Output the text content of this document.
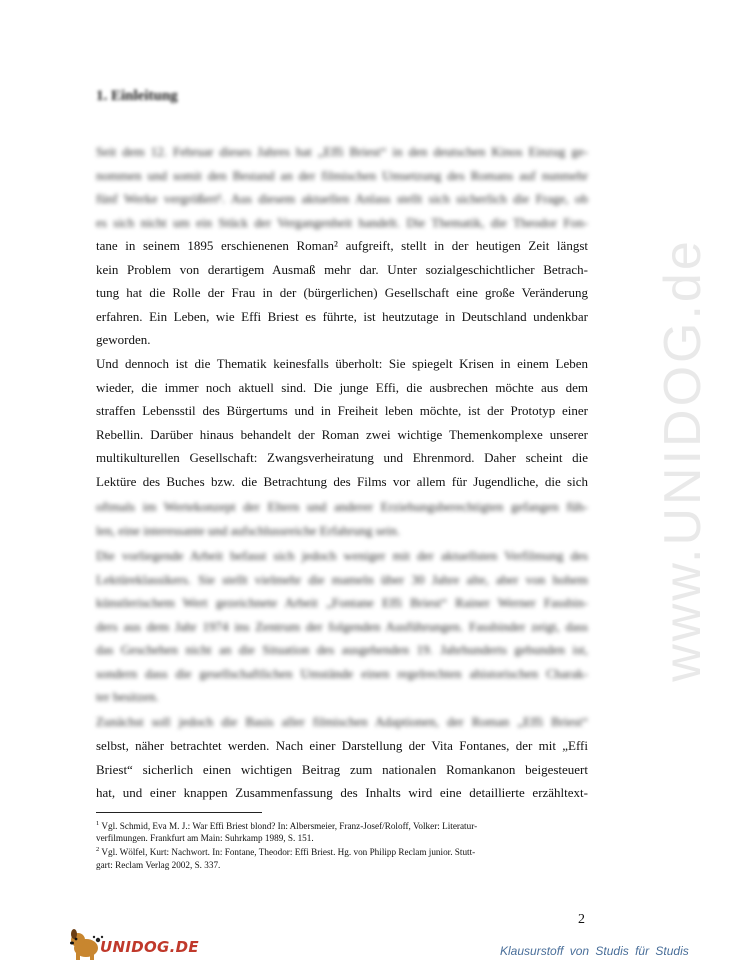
www.UNIDOG.de
1. Einleitung
Seit dem 12. Februar dieses Jahres hat „Effi Briest“ in den deutschen Kinos Einzug ge-
nommen und somit den Bestand an der filmischen Umsetzung des Romans auf nunmehr
fünf Werke vergrößert¹. Aus diesem aktuellen Anlass stellt sich sicherlich die Frage, ob
es sich nicht um ein Stück der Vergangenheit handelt. Die Thematik, die Theodor Fon-
tane in seinem 1895 erschienenen Roman² aufgreift, stellt in der heutigen Zeit längst
kein Problem von derartigem Ausmaß mehr dar. Unter sozialgeschichtlicher Betrach-
tung hat die Rolle der Frau in der (bürgerlichen) Gesellschaft eine große Veränderung
erfahren. Ein Leben, wie Effi Briest es führte, ist heutzutage in Deutschland undenkbar
geworden.
Und dennoch ist die Thematik keinesfalls überholt: Sie spiegelt Krisen in einem Leben
wieder, die immer noch aktuell sind. Die junge Effi, die ausbrechen möchte aus dem
straffen Lebensstil des Bürgertums und in Freiheit leben möchte, ist der Prototyp einer
Rebellin. Darüber hinaus behandelt der Roman zwei wichtige Themenkomplexe unserer
multikulturellen Gesellschaft: Zwangsverheiratung und Ehrenmord. Daher scheint die
Lektüre des Buches bzw. die Betrachtung des Films vor allem für Jugendliche, die sich
oftmals im Wertekonzept der Eltern und anderer Erziehungsberechtigten gefangen füh-
len, eine interessante und aufschlussreiche Erfahrung sein.
Die vorliegende Arbeit befasst sich jedoch weniger mit der aktuellsten Verfilmung des
Lektüreklassikers. Sie stellt vielmehr die mameln über 30 Jahre alte, aber von hohem
künstlerischem Wert gezeichnete Arbeit „Fontane Effi Briest“ Rainer Werner Fassbin-
ders aus dem Jahr 1974 ins Zentrum der folgenden Ausführungen. Fassbinder zeigt, dass
das Geschehen nicht an die Situation des ausgehenden 19. Jahrhunderts gebunden ist,
sondern dass die gesellschaftlichen Umstände einen regelrechten ahistorischen Charak-
ter besitzen.
Zunächst soll jedoch die Basis aller filmischen Adaptionen, der Roman „Effi Briest“
selbst, näher betrachtet werden. Nach einer Darstellung der Vita Fontanes, der mit „Effi
Briest“ sicherlich einen wichtigen Beitrag zum nationalen Romankanon beigesteuert
hat, und einer knappen Zusammenfassung des Inhalts wird eine detaillierte erzähltext-
$^1$ Vgl. Schmid, Eva M. J.: War Effi Briest blond? In: Albersmeier, Franz-Josef/Roloff, Volker: Literatur-
verfilmungen. Frankfurt am Main: Suhrkamp 1989, S. 151.
$^2$ Vgl. Wölfel, Kurt: Nachwort. In: Fontane, Theodor: Effi Briest. Hg. von Philipp Reclam junior. Stutt-
gart: Reclam Verlag 2002, S. 337.
2
UNIDOG.DE	Klausurstoff von Studis für Studis
